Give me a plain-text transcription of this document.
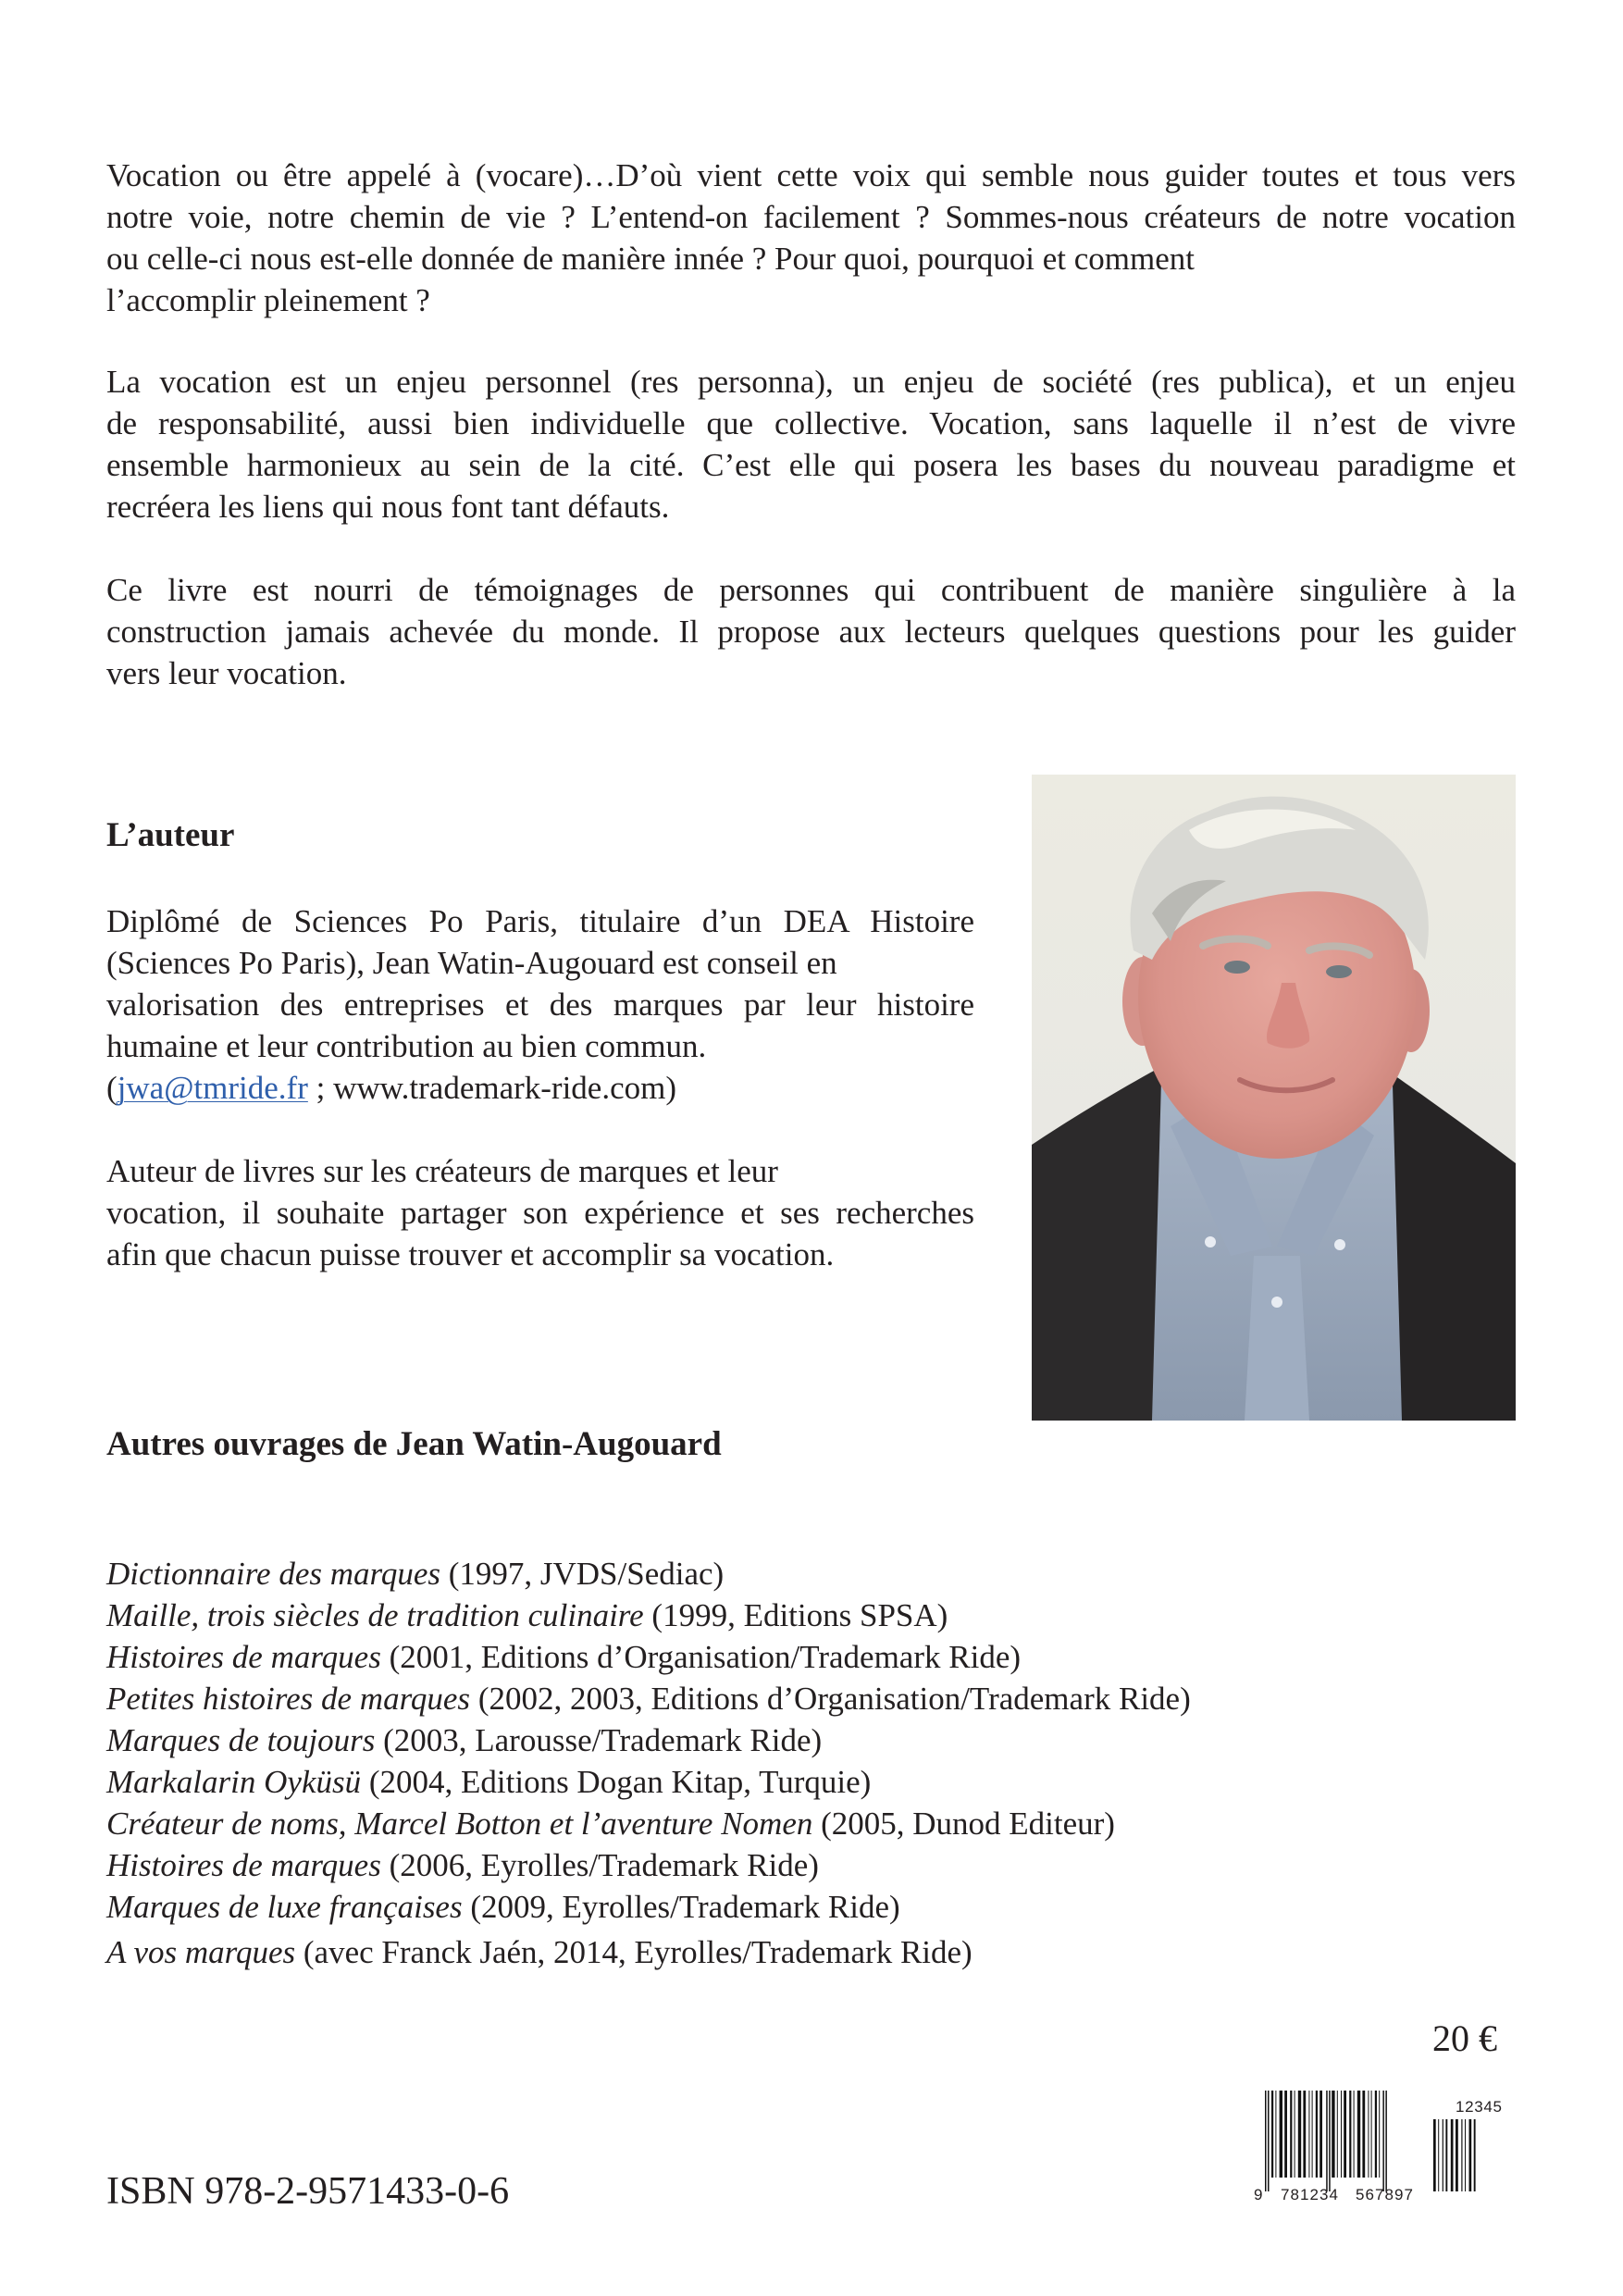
Vocation ou être appelé à (vocare)…D’où vient cette voix qui semble nous guider toutes et tous vers
notre voie, notre chemin de vie ? L’entend-on facilement ? Sommes-nous créateurs de notre vocation
ou celle-ci nous est-elle donnée de manière innée ? Pour quoi, pourquoi et comment
l’accomplir pleinement ?
La vocation est un enjeu personnel (res personna), un enjeu de société (res publica), et un enjeu
de responsabilité, aussi bien individuelle que collective. Vocation, sans laquelle il n’est de vivre
ensemble harmonieux au sein de la cité. C’est elle qui posera les bases du nouveau paradigme et
recréera les liens qui nous font tant défauts.
Ce livre est nourri de témoignages de personnes qui contribuent de manière singulière à la
construction jamais achevée du monde. Il propose aux lecteurs quelques questions pour les guider
vers leur vocation.
L’auteur
Diplômé de Sciences Po Paris, titulaire d’un DEA Histoire
(Sciences Po Paris), Jean Watin-Augouard est conseil en
valorisation des entreprises et des marques par leur histoire
humaine et leur contribution au bien commun.
(jwa@tmride.fr ; www.trademark-ride.com)
Auteur de livres sur les créateurs de marques et leur
vocation, il souhaite partager son expérience et ses recherches
afin que chacun puisse trouver et accomplir sa vocation.
Autres ouvrages de Jean Watin-Augouard
Dictionnaire des marques (1997, JVDS/Sediac)
Maille, trois siècles de tradition culinaire (1999, Editions SPSA)
Histoires de marques (2001, Editions d’Organisation/Trademark Ride)
Petites histoires de marques (2002, 2003, Editions d’Organisation/Trademark Ride)
Marques de toujours (2003, Larousse/Trademark Ride)
Markalarin Oyküsü (2004, Editions Dogan Kitap, Turquie)
Créateur de noms, Marcel Botton et l’aventure Nomen (2005, Dunod Editeur)
Histoires de marques (2006, Eyrolles/Trademark Ride)
Marques de luxe françaises (2009, Eyrolles/Trademark Ride)
A vos marques (avec Franck Jaén, 2014, Eyrolles/Trademark Ride)
20 €
9 781234 567897
12345
ISBN 978-2-9571433-0-6
